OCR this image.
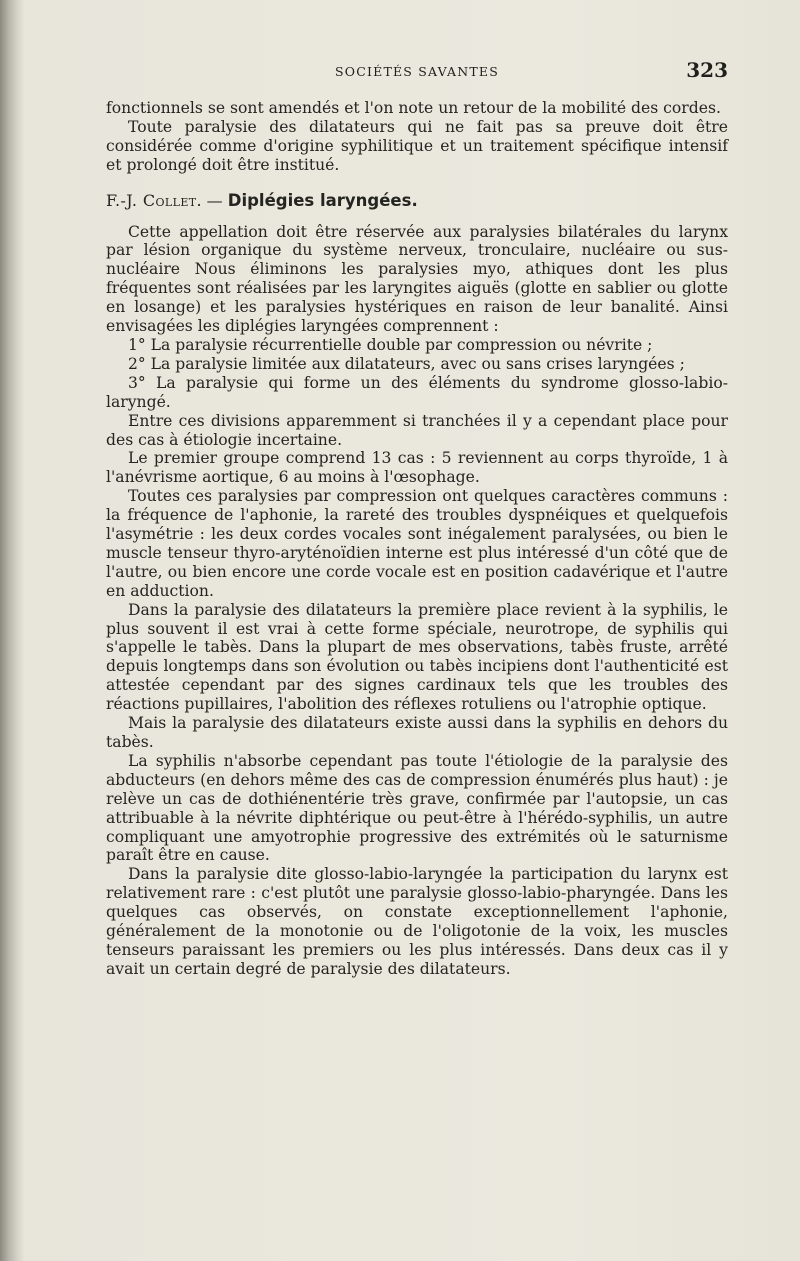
SOCIÉTÉS SAVANTES	323

fonctionnels se sont amendés et l'on note un retour de la mobilité des cordes.

Toute paralysie des dilatateurs qui ne fait pas sa preuve doit être considérée comme d'origine syphilitique et un traitement spécifique intensif et prolongé doit être institué.

F.-J. Collet. — Diplégies laryngées.

Cette appellation doit être réservée aux paralysies bilatérales du larynx par lésion organique du système nerveux, tronculaire, nucléaire ou sus-nucléaire Nous éliminons les paralysies myo, athiques dont les plus fréquentes sont réalisées par les laryngites aiguës (glotte en sablier ou glotte en losange) et les paralysies hystériques en raison de leur banalité. Ainsi envisagées les diplégies laryngées comprennent :

1° La paralysie récurrentielle double par compression ou névrite ;

2° La paralysie limitée aux dilatateurs, avec ou sans crises laryngées ;

3° La paralysie qui forme un des éléments du syndrome glosso-labio-laryngé.

Entre ces divisions apparemment si tranchées il y a cependant place pour des cas à étiologie incertaine.

Le premier groupe comprend 13 cas : 5 reviennent au corps thyroïde, 1 à l'anévrisme aortique, 6 au moins à l'œsophage.

Toutes ces paralysies par compression ont quelques caractères communs : la fréquence de l'aphonie, la rareté des troubles dyspnéiques et quelquefois l'asymétrie : les deux cordes vocales sont inégalement paralysées, ou bien le muscle tenseur thyro-aryténoïdien interne est plus intéressé d'un côté que de l'autre, ou bien encore une corde vocale est en position cadavérique et l'autre en adduction.

Dans la paralysie des dilatateurs la première place revient à la syphilis, le plus souvent il est vrai à cette forme spéciale, neurotrope, de syphilis qui s'appelle le tabès. Dans la plupart de mes observations, tabès fruste, arrêté depuis longtemps dans son évolution ou tabès incipiens dont l'authenticité est attestée cependant par des signes cardinaux tels que les troubles des réactions pupillaires, l'abolition des réflexes rotuliens ou l'atrophie optique.

Mais la paralysie des dilatateurs existe aussi dans la syphilis en dehors du tabès.

La syphilis n'absorbe cependant pas toute l'étiologie de la paralysie des abducteurs (en dehors même des cas de compression énumérés plus haut) : je relève un cas de dothiénentérie très grave, confirmée par l'autopsie, un cas attribuable à la névrite diphtérique ou peut-être à l'hérédo-syphilis, un autre compliquant une amyotrophie progressive des extrémités où le saturnisme paraît être en cause.

Dans la paralysie dite glosso-labio-laryngée la participation du larynx est relativement rare : c'est plutôt une paralysie glosso-labio-pharyngée. Dans les quelques cas observés, on constate exceptionnellement l'aphonie, généralement de la monotonie ou de l'oligotonie de la voix, les muscles tenseurs paraissant les premiers ou les plus intéressés. Dans deux cas il y avait un certain degré de paralysie des dilatateurs.
